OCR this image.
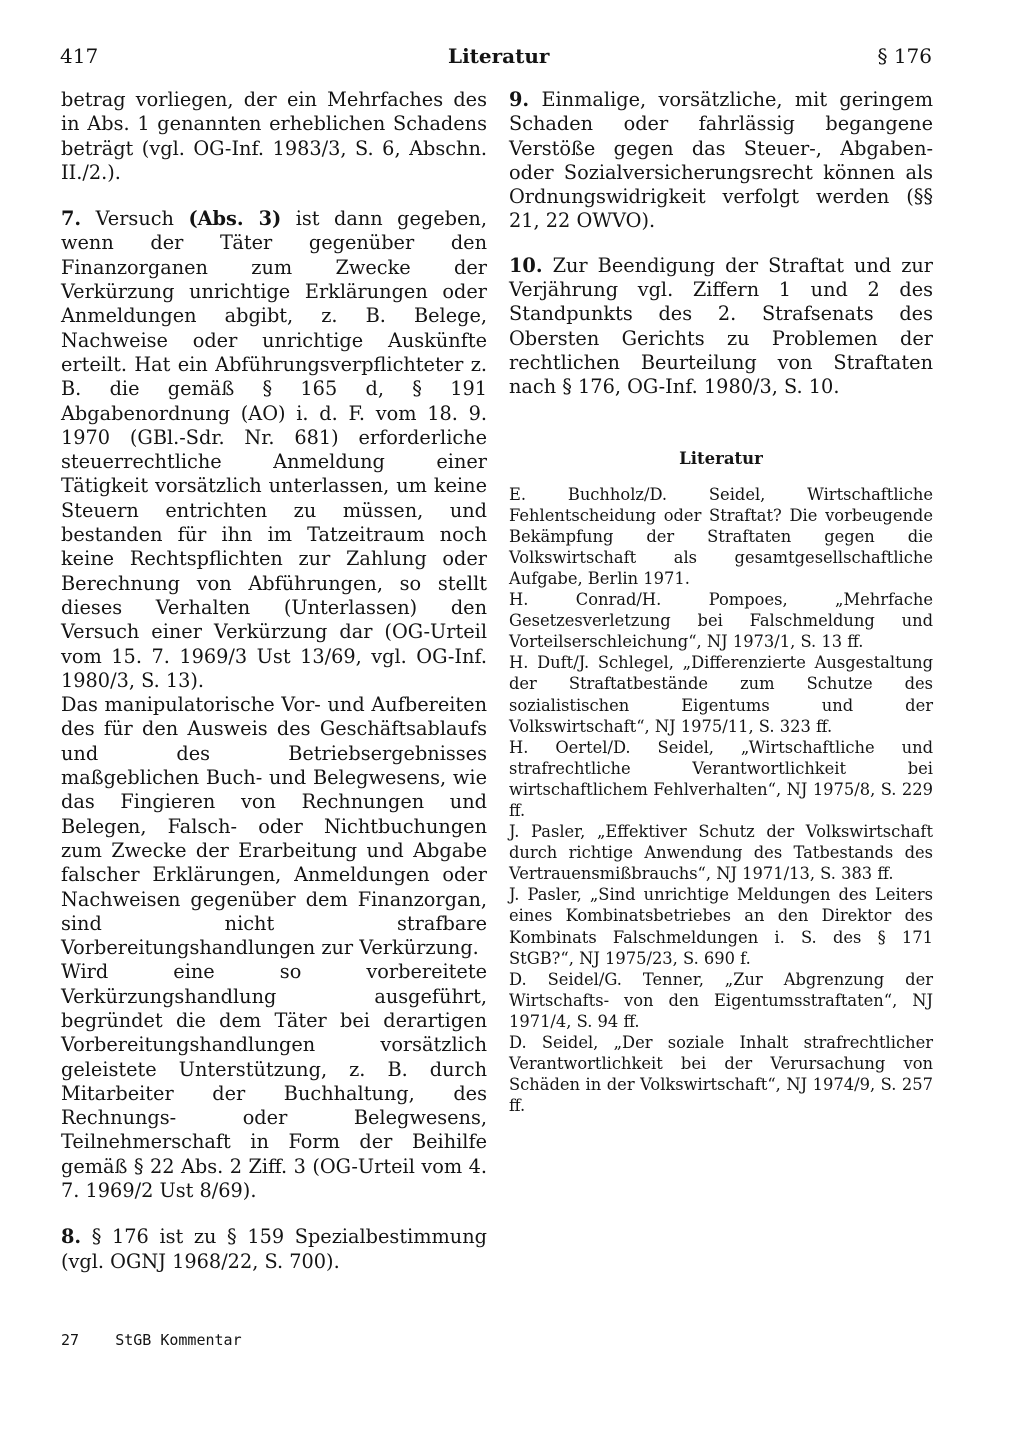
417	Literatur	§ 176

betrag vorliegen, der ein Mehrfaches des in Abs. 1 genannten erheblichen Schadens beträgt (vgl. OG-Inf. 1983/3, S. 6, Abschn. II./2.).

7. Versuch (Abs. 3) ist dann gegeben, wenn der Täter gegenüber den Finanzorganen zum Zwecke der Verkürzung unrichtige Erklärungen oder Anmeldungen abgibt, z. B. Belege, Nachweise oder unrichtige Auskünfte erteilt. Hat ein Abführungsverpflichteter z. B. die gemäß § 165 d, § 191 Abgabenordnung (AO) i. d. F. vom 18. 9. 1970 (GBl.-Sdr. Nr. 681) erforderliche steuerrechtliche Anmeldung einer Tätigkeit vorsätzlich unterlassen, um keine Steuern entrichten zu müssen, und bestanden für ihn im Tatzeitraum noch keine Rechtspflichten zur Zahlung oder Berechnung von Abführungen, so stellt dieses Verhalten (Unterlassen) den Versuch einer Verkürzung dar (OG-Urteil vom 15. 7. 1969/3 Ust 13/69, vgl. OG-Inf. 1980/3, S. 13).

Das manipulatorische Vor- und Aufbereiten des für den Ausweis des Geschäftsablaufs und des Betriebsergebnisses maßgeblichen Buch- und Belegwesens, wie das Fingieren von Rechnungen und Belegen, Falsch- oder Nichtbuchungen zum Zwecke der Erarbeitung und Abgabe falscher Erklärungen, Anmeldungen oder Nachweisen gegenüber dem Finanzorgan, sind nicht strafbare Vorbereitungshandlungen zur Verkürzung.

Wird eine so vorbereitete Verkürzungshandlung ausgeführt, begründet die dem Täter bei derartigen Vorbereitungshandlungen vorsätzlich geleistete Unterstützung, z. B. durch Mitarbeiter der Buchhaltung, des Rechnungs- oder Belegwesens, Teilnehmerschaft in Form der Beihilfe gemäß § 22 Abs. 2 Ziff. 3 (OG-Urteil vom 4. 7. 1969/2 Ust 8/69).

8. § 176 ist zu § 159 Spezialbestimmung (vgl. OGNJ 1968/22, S. 700).

9. Einmalige, vorsätzliche, mit geringem Schaden oder fahrlässig begangene Verstöße gegen das Steuer-, Abgaben- oder Sozialversicherungsrecht können als Ordnungswidrigkeit verfolgt werden (§§ 21, 22 OWVO).

10. Zur Beendigung der Straftat und zur Verjährung vgl. Ziffern 1 und 2 des Standpunkts des 2. Strafsenats des Obersten Gerichts zu Problemen der rechtlichen Beurteilung von Straftaten nach § 176, OG-Inf. 1980/3, S. 10.

Literatur

E. Buchholz/D. Seidel, Wirtschaftliche Fehlentscheidung oder Straftat? Die vorbeugende Bekämpfung der Straftaten gegen die Volkswirtschaft als gesamtgesellschaftliche Aufgabe, Berlin 1971.
H. Conrad/H. Pompoes, „Mehrfache Gesetzesverletzung bei Falschmeldung und Vorteilserschleichung“, NJ 1973/1, S. 13 ff.
H. Duft/J. Schlegel, „Differenzierte Ausgestaltung der Straftatbestände zum Schutze des sozialistischen Eigentums und der Volkswirtschaft“, NJ 1975/11, S. 323 ff.
H. Oertel/D. Seidel, „Wirtschaftliche und strafrechtliche Verantwortlichkeit bei wirtschaftlichem Fehlverhalten“, NJ 1975/8, S. 229 ff.
J. Pasler, „Effektiver Schutz der Volkswirtschaft durch richtige Anwendung des Tatbestands des Vertrauensmißbrauchs“, NJ 1971/13, S. 383 ff.
J. Pasler, „Sind unrichtige Meldungen des Leiters eines Kombinatsbetriebes an den Direktor des Kombinats Falschmeldungen i. S. des § 171 StGB?“, NJ 1975/23, S. 690 f.
D. Seidel/G. Tenner, „Zur Abgrenzung der Wirtschafts- von den Eigentumsstraftaten“, NJ 1971/4, S. 94 ff.
D. Seidel, „Der soziale Inhalt strafrechtlicher Verantwortlichkeit bei der Verursachung von Schäden in der Volkswirtschaft“, NJ 1974/9, S. 257 ff.
27 StGB Kommentar
